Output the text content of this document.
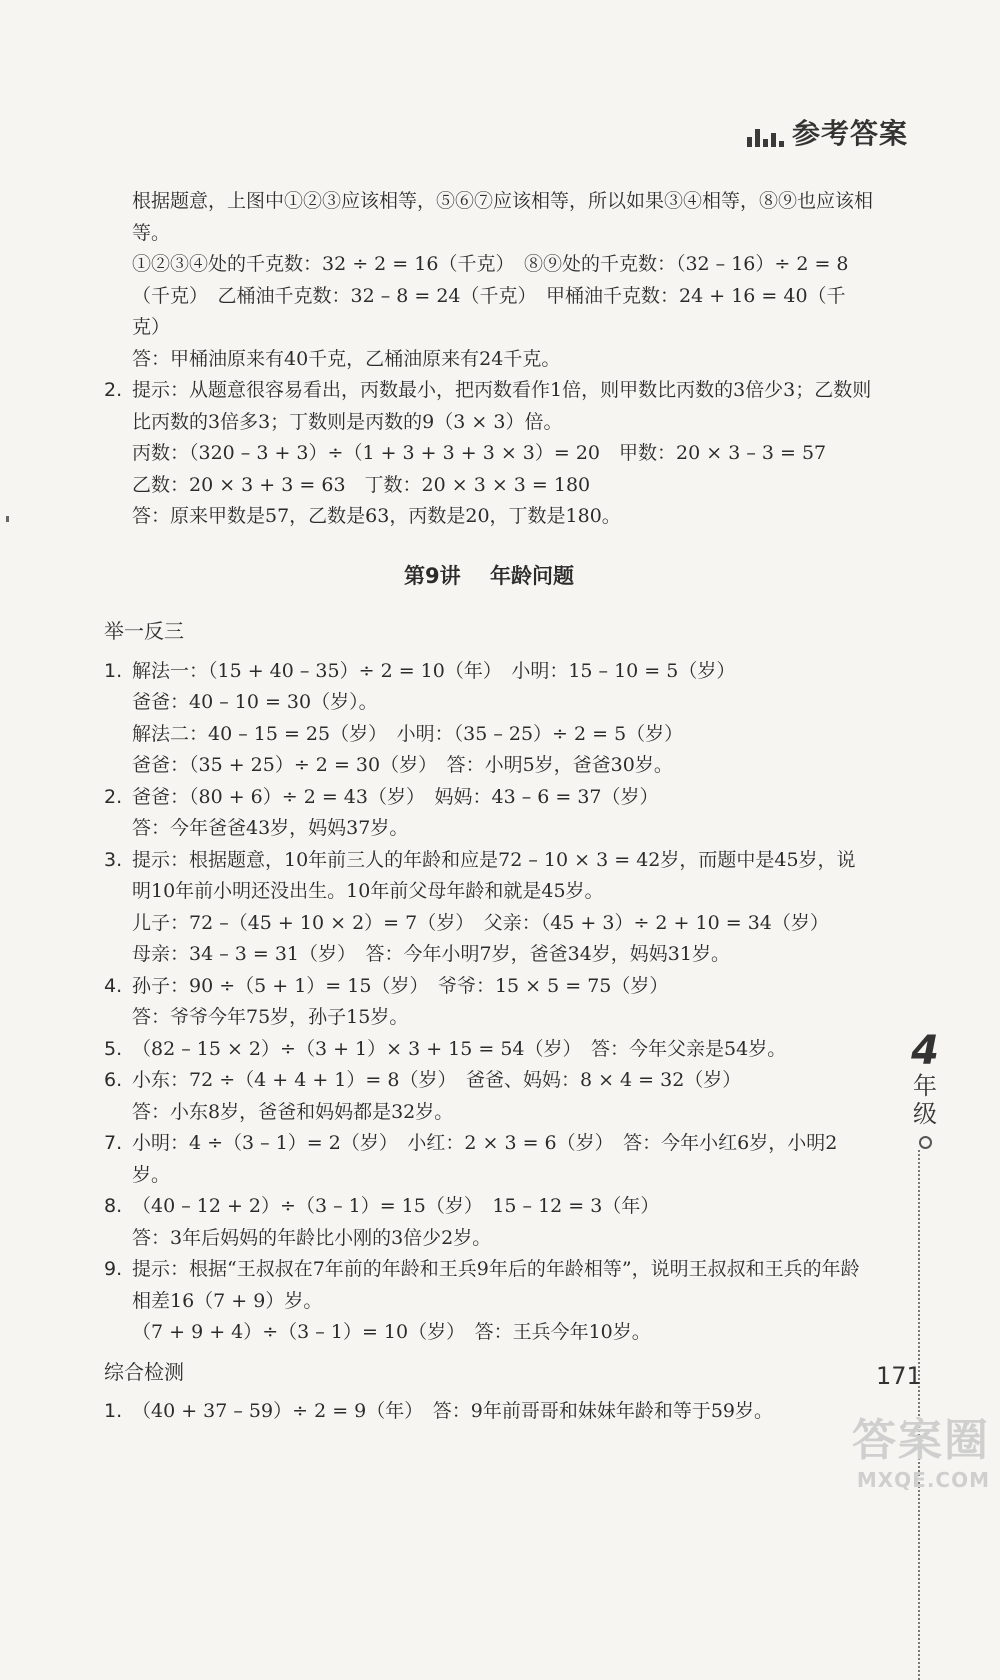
参考答案

根据题意，上图中①②③应该相等，⑤⑥⑦应该相等，所以如果③④相等，⑧⑨也应该相等。

①②③④处的千克数：32 ÷ 2 = 16（千克）　⑧⑨处的千克数：（32 – 16）÷ 2 = 8（千克）　乙桶油千克数：32 – 8 = 24（千克）　甲桶油千克数：24 + 16 = 40（千克）

答：甲桶油原来有40千克，乙桶油原来有24千克。

2. 提示：从题意很容易看出，丙数最小，把丙数看作1倍，则甲数比丙数的3倍少3；乙数则比丙数的3倍多3；丁数则是丙数的9（3 × 3）倍。

丙数：（320 – 3 + 3）÷（1 + 3 + 3 + 3 × 3）= 20　甲数：20 × 3 – 3 = 57

乙数：20 × 3 + 3 = 63　丁数：20 × 3 × 3 = 180

答：原来甲数是57，乙数是63，丙数是20，丁数是180。

第9讲 年龄问题
举一反三
1. 解法一：（15 + 40 – 35）÷ 2 = 10（年）　小明：15 – 10 = 5（岁）

爸爸：40 – 10 = 30（岁）。

解法二：40 – 15 = 25（岁）　小明：（35 – 25）÷ 2 = 5（岁）

爸爸：（35 + 25）÷ 2 = 30（岁）　答：小明5岁，爸爸30岁。

2. 爸爸：（80 + 6）÷ 2 = 43（岁）　妈妈：43 – 6 = 37（岁）

答：今年爸爸43岁，妈妈37岁。

3. 提示：根据题意，10年前三人的年龄和应是72 – 10 × 3 = 42岁，而题中是45岁，说明10年前小明还没出生。10年前父母年龄和就是45岁。

儿子：72 –（45 + 10 × 2）= 7（岁）　父亲：（45 + 3）÷ 2 + 10 = 34（岁）

母亲：34 – 3 = 31（岁）　答：今年小明7岁，爸爸34岁，妈妈31岁。

4. 孙子：90 ÷（5 + 1）= 15（岁）　爷爷：15 × 5 = 75（岁）

答：爷爷今年75岁，孙子15岁。

5. （82 – 15 × 2）÷（3 + 1）× 3 + 15 = 54（岁）　答：今年父亲是54岁。

6. 小东：72 ÷（4 + 4 + 1）= 8（岁）　爸爸、妈妈：8 × 4 = 32（岁）

答：小东8岁，爸爸和妈妈都是32岁。

7. 小明：4 ÷（3 – 1）= 2（岁）　小红：2 × 3 = 6（岁）　答：今年小红6岁，小明2岁。

8. （40 – 12 + 2）÷（3 – 1）= 15（岁）　15 – 12 = 3（年）

答：3年后妈妈的年龄比小刚的3倍少2岁。

9. 提示：根据“王叔叔在7年前的年龄和王兵9年后的年龄相等”，说明王叔叔和王兵的年龄相差16（7 + 9）岁。

（7 + 9 + 4）÷（3 – 1）= 10（岁）　答：王兵今年10岁。

综合检测
1. （40 + 37 – 59）÷ 2 = 9（年）　答：9年前哥哥和妹妹年龄和等于59岁。

4
年级
171
答案圈
MXQE.COM
